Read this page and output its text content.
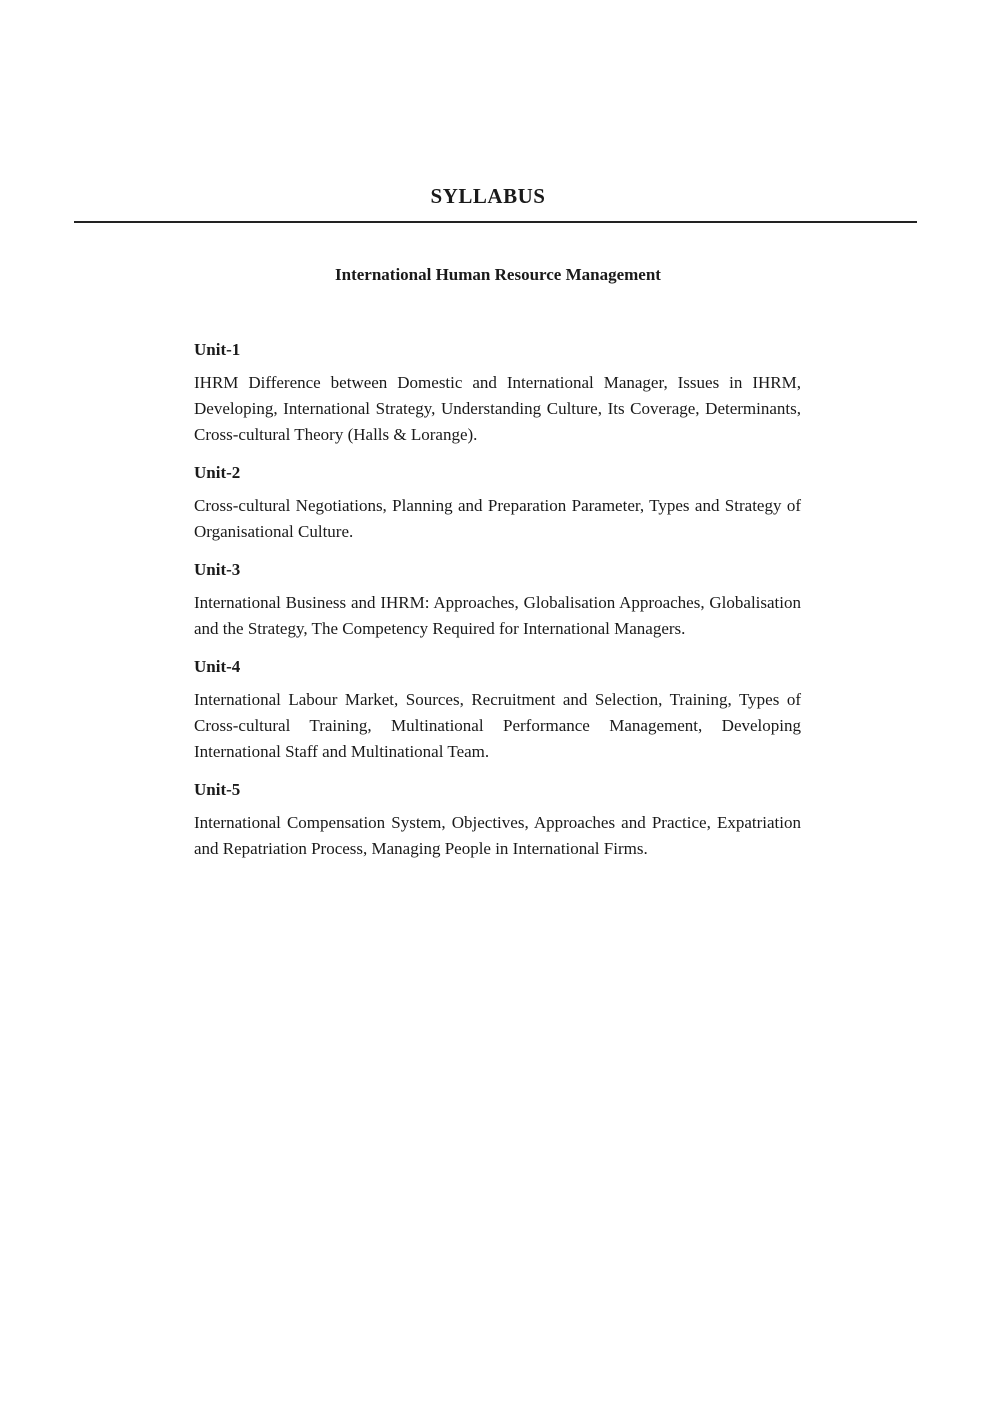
SYLLABUS
International Human Resource Management
Unit-1

IHRM Difference between Domestic and International Manager, Issues in IHRM, Developing, International Strategy, Understanding Culture, Its Coverage, Determinants, Cross-cultural Theory (Halls & Lorange).

Unit-2

Cross-cultural Negotiations, Planning and Preparation Parameter, Types and Strategy of Organisational Culture.

Unit-3

International Business and IHRM: Approaches, Globalisation Approaches, Globalisation and the Strategy, The Competency Required for International Managers.

Unit-4

International Labour Market, Sources, Recruitment and Selection, Training, Types of Cross-cultural Training, Multinational Performance Management, Developing International Staff and Multinational Team.

Unit-5

International Compensation System, Objectives, Approaches and Practice, Expatriation and Repatriation Process, Managing People in International Firms.
